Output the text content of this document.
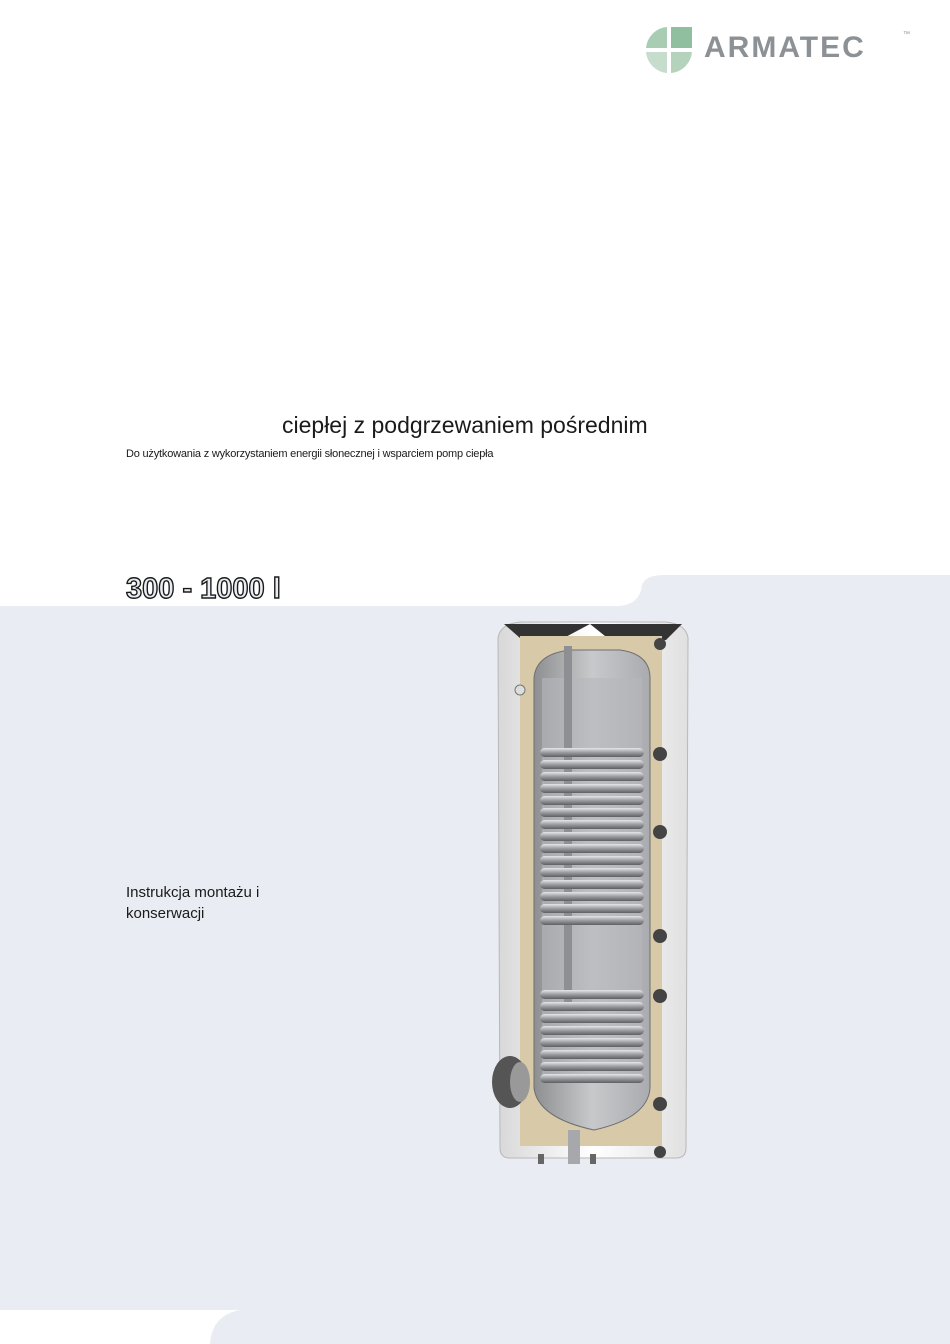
ARMATEC	™
ciepłej z podgrzewaniem pośrednim
Do użytkowania z wykorzystaniem energii słonecznej i wsparciem pomp ciepła
300 - 1000 l
Instrukcja montażu i
konserwacji
